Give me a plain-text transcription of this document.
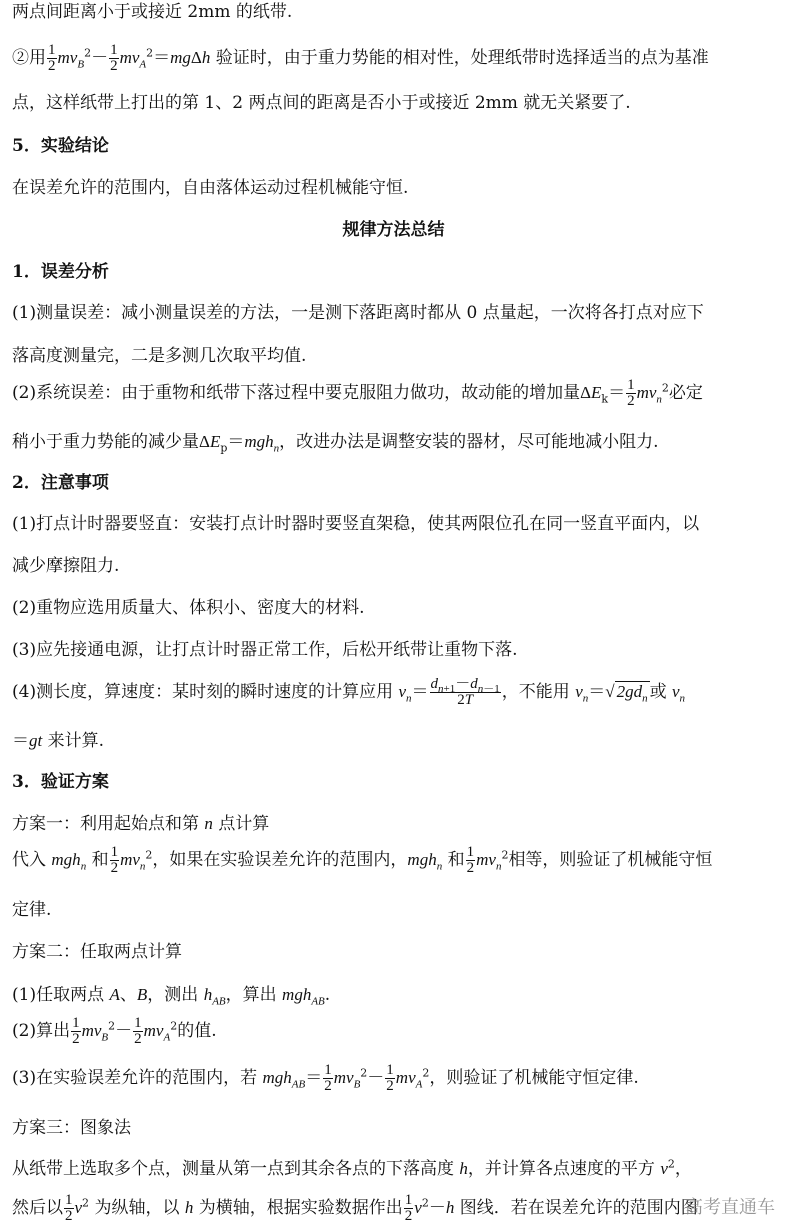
两点间距离小于或接近 2mm 的纸带.
②用 $\frac{1}{2} mv_B^2- \frac{1}{2} mv_A^2=mg\Delta h$ 验证时，由于重力势能的相对性，处理纸带时选择适当的点为基准
点，这样纸带上打出的第 1、2 两点间的距离是否小于或接近 2mm 就无关紧要了.
5．实验结论
在误差允许的范围内，自由落体运动过程机械能守恒.
规律方法总结
1．误差分析
(1)测量误差：减小测量误差的方法，一是测下落距离时都从 0 点量起，一次将各打点对应下
落高度测量完，二是多测几次取平均值.
(2)系统误差：由于重物和纸带下落过程中要克服阻力做功，故动能的增加量$\Delta E_k= \frac{1}{2} mv_n^2$必定
稍小于重力势能的减少量$\Delta E_p=mgh_n$，改进办法是调整安装的器材，尽可能地减小阻力.
2．注意事项
(1)打点计时器要竖直：安装打点计时器时要竖直架稳，使其两限位孔在同一竖直平面内，以
减少摩擦阻力.
(2)重物应选用质量大、体积小、密度大的材料.
(3)应先接通电源，让打点计时器正常工作，后松开纸带让重物下落.
(4)测长度，算速度：某时刻的瞬时速度的计算应用 $v_n= \frac{d_{n+1}-d_{n-1}}{2T}$ ，不能用 $v_n=√$ $2gd_n$ 或 $v_n$
＝gt 来计算.
3．验证方案
方案一：利用起始点和第 n 点计算
代入 mgh$_n$ 和 $\frac{1}{2} mv_n^2$，如果在实验误差允许的范围内，mgh$_n$ 和 $\frac{1}{2} mv_n^2$相等，则验证了机械能守恒
定律.
方案二：任取两点计算
(1)任取两点 A、B，测出 $h_{AB}$，算出 mgh$_{AB}$.
(2)算出 $\frac{1}{2} mv_B^2- \frac{1}{2} mv_A^2$的值.
(3)在实验误差允许的范围内，若 $mgh_{AB}= \frac{1}{2} mv_B^2- \frac{1}{2} mv_A^2$，则验证了机械能守恒定律.
方案三：图象法
从纸带上选取多个点，测量从第一点到其余各点的下落高度 h，并计算各点速度的平方 $v^2$，
然后以 $\frac{1}{2} v^2$ 为纵轴，以 h 为横轴，根据实验数据作出 $\frac{1}{2} v^2-h$ 图线．若在误差允许的范围内图
高考直通车
